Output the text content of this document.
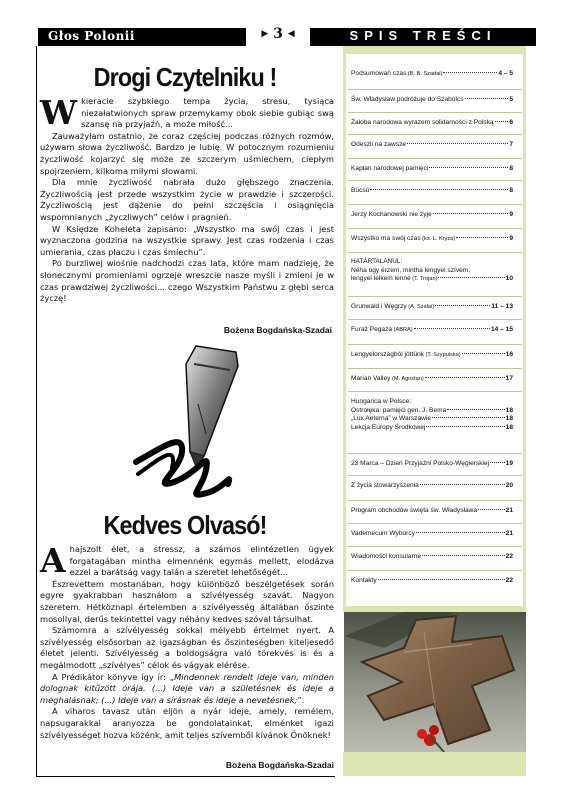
Głos Polonii	▶ 3 ◀	SPIS TREŚCI
Drogi Czytelniku !

Wkieracie szybkiego tempa życia, stresu, tysiąca niezałatwionych spraw przemykamy obok siebie gubiąc swą szansę na przyjaźń, a może miłość...

Zauważyłam ostatnio, że coraz częściej podczas różnych rozmów, używam słowa życzliwość. Bardzo je lubię. W potocznym rozumieniu życzliwość kojarzyć się może ze szczerym uśmiechem, ciepłym spojrzeniem, kilkoma miłymi słowami.

Dla mnie życzliwość nabrała dużo głębszego znaczenia. Życzliwością jest przede wszystkim życie w prawdzie i szczerości. Życzliwością jest dążenie do pełni szczęścia i osiągnięcia wspomnianych „życzliwych” celów i pragnień.

W Księdze Koheleta zapisano: „Wszystko ma swój czas i jest wyznaczona godzina na wszystkie sprawy. Jest czas rodzenia i czas umierania, czas płaczu i czas śmiechu”.

Po burzliwej wiośnie nadchodzi czas lata, które mam nadzieję, że słonecznymi promieniami ogrzeje wreszcie nasze myśli i zmieni je w czas prawdziwej życzliwości... czego Wszystkim Państwu z głębi serca życzę!

Bożena Bogdańska-Szadai
Kedves Olvasó!

Ahajszolt élet, a stressz, a számos elintézetlen ügyek forgatagában mintha elmennénk egymás mellett, elodázva ezzel a barátság vagy talán a szeretet lehetőségét...

Észrevettem mostanában, hogy különböző beszélgetések során egyre gyakrabban használom a szívélyesség szavát. Nagyon szeretem. Hétköznapi értelemben a szívélyesség általában őszinte mosollyal, derűs tekintettel vagy néhány kedves szóval társulhat.

Számomra a szívélyesség sokkal mélyebb értelmet nyert. A szívélyesség elsősorban az igazságban és őszinteségben kiteljesedő életet jelenti. Szívélyesség a boldogságra való törekvés is és a megálmodott „szívélyes” célok és vágyak elérése.

A Prédikátor könyve így ír: „Mindennek rendelt ideje van, minden dolognak kitűzött órája. (...) Ideje van a születésnek és ideje a meghalásnak; (...) Ideje van a sírásnak és ideje a nevetésnek;”.

A viharos tavasz után eljön a nyár ideje, amely, remélem, napsugarakkal aranyozza be gondolatainkat, elménket igazi szívélyességet hozva közénk, amit teljes szívemből kívánok Önöknek!

Bożena Bogdańska-Szadai
Podsumowań czas (B. B. Szadai)	4 – 5
Św. Władysław podróżuje do Szabolcs	5
Żałoba narodowa wyrazem solidarności z Polską 6
Odeszli na zawsze	7
Kapłan narodowej pamięci	8
Búcsú	8
Jerzy Kochanowski nie żyje	9
Wszystko ma swój czas (ks. L. Kryza)	9
HATÁRTALANUL:
Néha úgy érzem, mintha lengyel szívem,
lengyel lelkem lenne (T. Trojan)	10
Grunwald i Węgrzy (A. Szalai)	11 – 13
Furaż Pegaza (ABRA)	14 – 15
Lengyelországból jöttünk (T. Szypulska)	16
Marian Valley (M. Agostan)	17
Hungarica w Polsce:
Ostrołęka: pamięci gen. J. Bema	18
„Lux Aeterna” w Warszawie	18
Lekcja Europy Środkowej	18
23 Marca – Dzień Przyjaźni Polsko-Węgierskiej	19
Z życia stowarzyszenia	20
Program obchodów święta św. Władysława	21
Vademecum Wyborcy	21
Wiadomości konsularne	22
Kontakty	22
